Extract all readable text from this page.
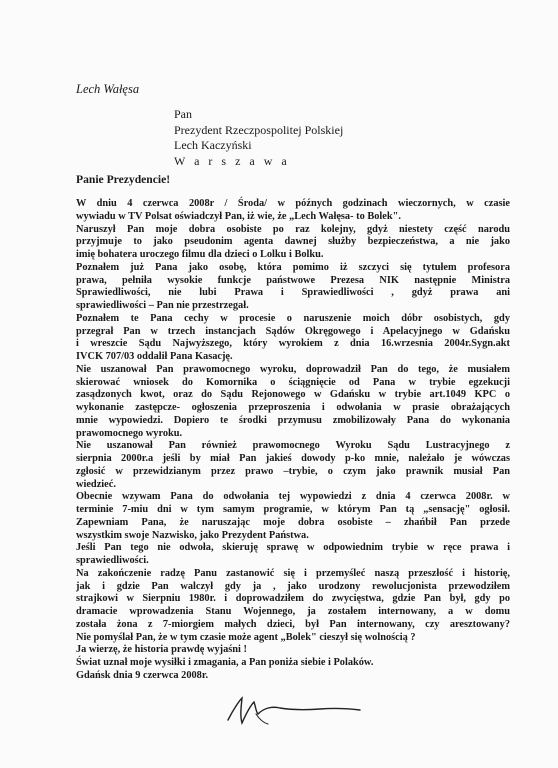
Lech Wałęsa
Pan
Prezydent Rzeczpospolitej Polskiej
Lech Kaczyński
W a r s z a w a
Panie Prezydencie!
W dniu 4 czerwca 2008r / Środa/ w późnych godzinach wieczornych, w czasie
wywiadu w TV Polsat oświadczył Pan, iż wie, że „Lech Wałęsa- to Bolek".
Naruszył Pan moje dobra osobiste po raz kolejny, gdyż niestety część narodu
przyjmuje to jako pseudonim agenta dawnej służby bezpieczeństwa, a nie jako
imię bohatera uroczego filmu dla dzieci o Lolku i Bolku.
Poznałem już Pana jako osobę, która pomimo iż szczyci się tytułem profesora
prawa, pełniła wysokie funkcje państwowe Prezesa NIK następnie Ministra
Sprawiedliwości, nie lubi Prawa i Sprawiedliwości , gdyż prawa ani
sprawiedliwości – Pan nie przestrzegał.
Poznałem te Pana cechy w procesie o naruszenie moich dóbr osobistych, gdy
przegrał Pan w trzech instancjach Sądów Okręgowego i Apelacyjnego w Gdańsku
i wreszcie Sądu Najwyższego, który wyrokiem z dnia 16.wrzesnia 2004r.Sygn.akt
IVCK 707/03 oddalił Pana Kasację.
Nie uszanował Pan prawomocnego wyroku, doprowadził Pan do tego, że musiałem
skierować wniosek do Komornika o ściągnięcie od Pana w trybie egzekucji
zasądzonych kwot, oraz do Sądu Rejonowego w Gdańsku w trybie art.1049 KPC o
wykonanie zastępcze- ogłoszenia przeproszenia i odwołania w prasie obrażających
mnie wypowiedzi. Dopiero te środki przymusu zmobilizowały Pana do wykonania
prawomocnego wyroku.
Nie uszanował Pan również prawomocnego Wyroku Sądu Lustracyjnego z
sierpnia 2000r.a jeśli by miał Pan jakieś dowody p-ko mnie, należało je wówczas
zgłosić w przewidzianym przez prawo –trybie, o czym jako prawnik musiał Pan
wiedzieć.
Obecnie wzywam Pana do odwołania tej wypowiedzi z dnia 4 czerwca 2008r. w
terminie 7-miu dni w tym samym programie, w którym Pan tą „sensację" ogłosił.
Zapewniam Pana, że naruszając moje dobra osobiste – zhańbił Pan przede
wszystkim swoje Nazwisko, jako Prezydent Państwa.
Jeśli Pan tego nie odwoła, skieruję sprawę w odpowiednim trybie w ręce prawa i
sprawiedliwości.
Na zakończenie radzę Panu zastanowić się i przemyśleć naszą przeszłość i historię,
jak i gdzie Pan walczył gdy ja , jako urodzony rewolucjonista przewodziłem
strajkowi w Sierpniu 1980r. i doprowadziłem do zwycięstwa, gdzie Pan był, gdy po
dramacie wprowadzenia Stanu Wojennego, ja zostałem internowany, a w domu
została żona z 7-miorgiem małych dzieci, był Pan internowany, czy aresztowany?
Nie pomyślał Pan, że w tym czasie może agent „Bolek" cieszył się wolnością ?
Ja wierzę, że historia prawdę wyjaśni !
Świat uznał moje wysiłki i zmagania, a Pan poniża siebie i Polaków.
Gdańsk dnia 9 czerwca 2008r.
